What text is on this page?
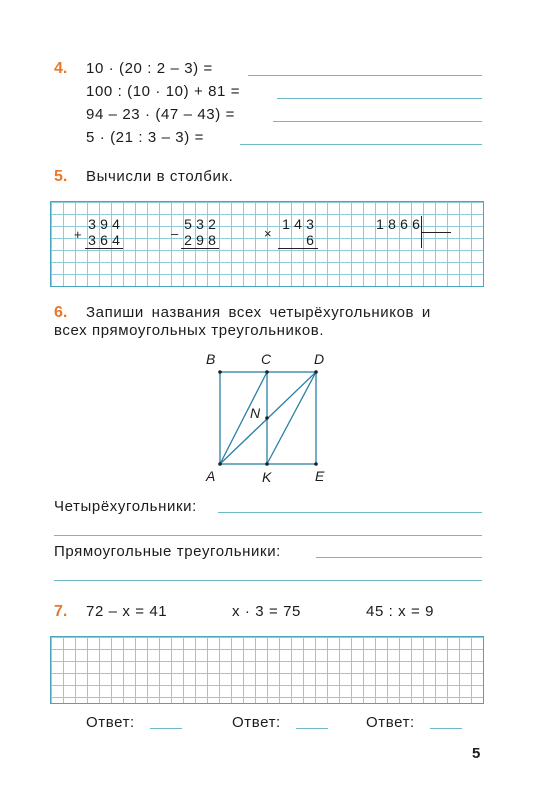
4. 10 · (20 : 2 – 3) =
100 : (10 · 10) + 81 =
94 – 23 · (47 – 43) =
5 · (21 : 3 – 3) =
5. Вычисли в столбик.
+
3 9 4
3 6 4	–
5 3 2
2 9 8	×
1 4 3
6
1 8 6 6
6. Запиши названия всех четырёхугольников и
всех прямоугольных треугольников.
B	C	D
N
A	K	E
Четырёхугольники:
Прямоугольные треугольники:
7. 72 – x = 41	x · 3 = 75	45 : x = 9
Ответ:	Ответ:	Ответ:
5
